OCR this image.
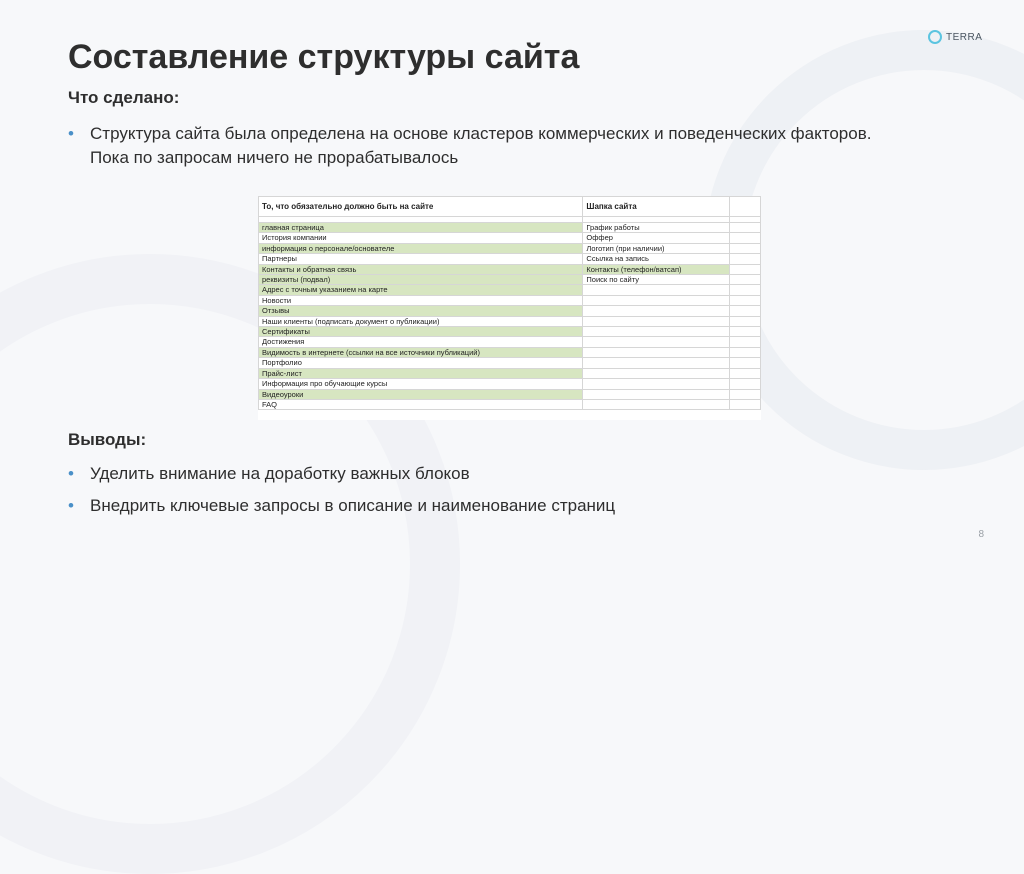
TERRA
Составление структуры сайта
Что сделано:
• Структура сайта была определена на основе кластеров коммерческих и поведенческих факторов. Пока по запросам ничего не прорабатывалось
То, что обязательно должно быть на сайте	Шапка сайта	

главная страница	График работы	
История компании	Оффер	
информация о персонале/основателе	Логотип (при наличии)	
Партнеры	Ссылка на запись	
Контакты и обратная связь	Контакты (телефон/ватсап)	
реквизиты (подвал)	Поиск по сайту	
Адрес с точным указанием на карте		
Новости		
Отзывы		
Наши клиенты (подписать документ о публикации)		
Сертификаты		
Достижения		
Видимость в интернете (ссылки на все источники публикаций)		
Портфолио		
Прайс-лист		
Информация про обучающие курсы		
Видеоуроки		
FAQ		
Выводы:
• Уделить внимание на доработку важных блоков
• Внедрить ключевые запросы в описание и наименование страниц
8
